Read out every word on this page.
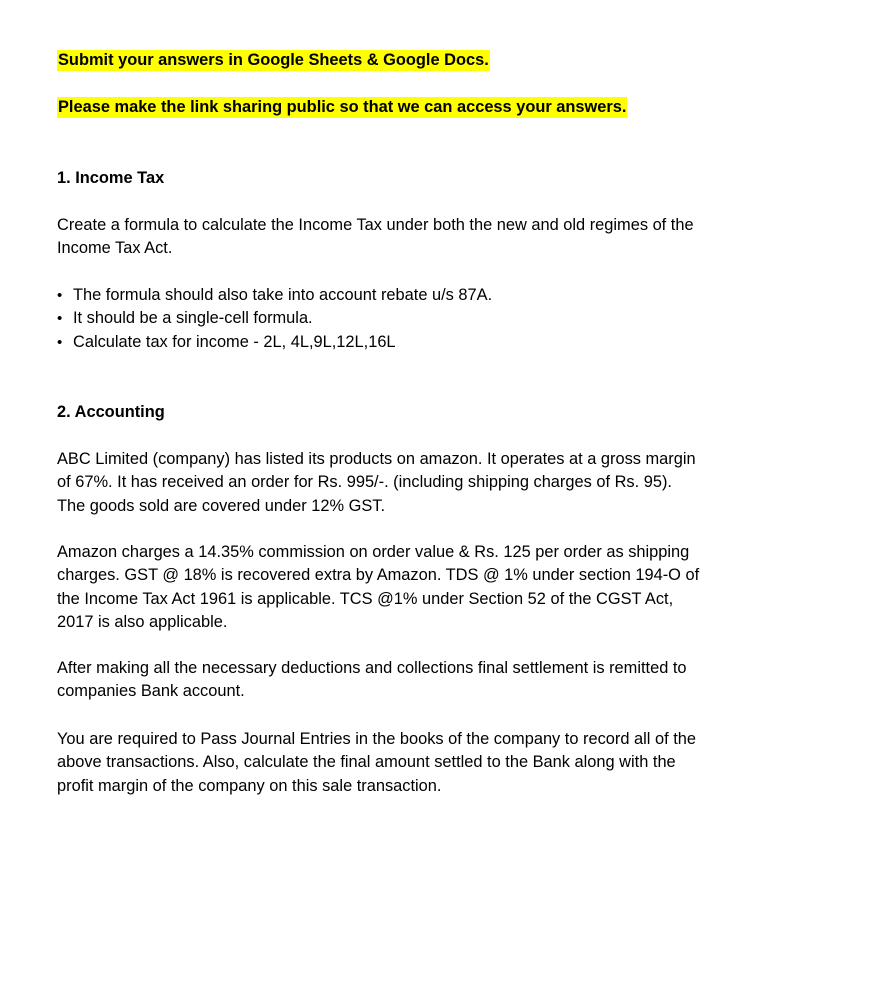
Submit your answers in Google Sheets & Google Docs.

Please make the link sharing public so that we can access your answers.

1. Income Tax

Create a formula to calculate the Income Tax under both the new and old regimes of the

Income Tax Act.

• The formula should also take into account rebate u/s 87A.
• It should be a single-cell formula.
• Calculate tax for income - 2L, 4L,9L,12L,16L
2. Accounting

ABC Limited (company) has listed its products on amazon. It operates at a gross margin

of 67%. It has received an order for Rs. 995/-. (including shipping charges of Rs. 95).

The goods sold are covered under 12% GST.

Amazon charges a 14.35% commission on order value & Rs. 125 per order as shipping

charges. GST @ 18% is recovered extra by Amazon. TDS @ 1% under section 194-O of

the Income Tax Act 1961 is applicable. TCS @1% under Section 52 of the CGST Act,

2017 is also applicable.

After making all the necessary deductions and collections final settlement is remitted to

companies Bank account.

You are required to Pass Journal Entries in the books of the company to record all of the

above transactions. Also, calculate the final amount settled to the Bank along with the

profit margin of the company on this sale transaction.
